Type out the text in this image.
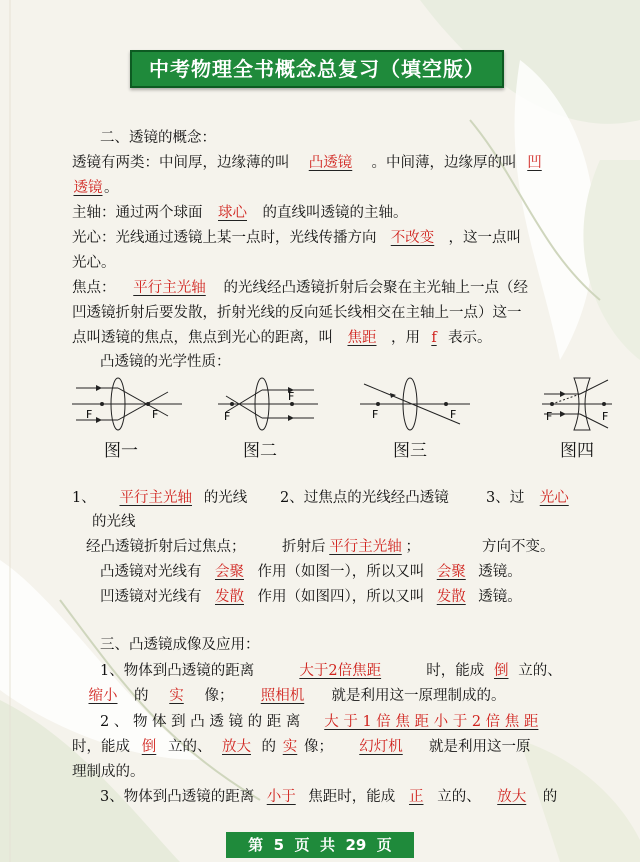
中考物理全书概念总复习（填空版）
二、透镜的概念：
透镜有两类：中间厚，边缘薄的叫 凸透镜 。中间薄，边缘厚的叫 凹
透镜 。
主轴：通过两个球面 球心 的直线叫透镜的主轴。
光心：光线通过透镜上某一点时，光线传播方向 不改变 ，这一点叫
光心。
焦点： 平行主光轴 的光线经凸透镜折射后会聚在主光轴上一点（经
凹透镜折射后要发散，折射光线的反向延长线相交在主轴上一点）这一
点叫透镜的焦点，焦点到光心的距离，叫 焦距 ，用 f 表示。
凸透镜的光学性质：
F	F	F
F
F	F	F	F
图一	图二	图三	图四
1、 平行主光轴 的光线 2、过焦点的光线经凸透镜	3、过 光心
的光线
经凸透镜折射后过焦点；	折射后 平行主光轴 ；	方向不变。
凸透镜对光线有 会聚 作用（如图一），所以又叫 会聚 透镜。
凹透镜对光线有 发散 作用（如图四），所以又叫 发散 透镜。
三、凸透镜成像及应用：
1、物体到凸透镜的距离	大于2倍焦距	时，能成 倒 立的、
缩小 的 实 像； 照相机 就是利用这一原理制成的。
2 、 物 体 到 凸 透 镜 的 距 离 大 于 1 倍 焦 距 小 于 2 倍 焦 距
时，能成 倒 立的、 放大 的 实 像； 幻灯机 就是利用这一原
理制成的。
3、物体到凸透镜的距离 小于 焦距时，能成 正 立的、 放大 的
第 5 页 共 29 页
